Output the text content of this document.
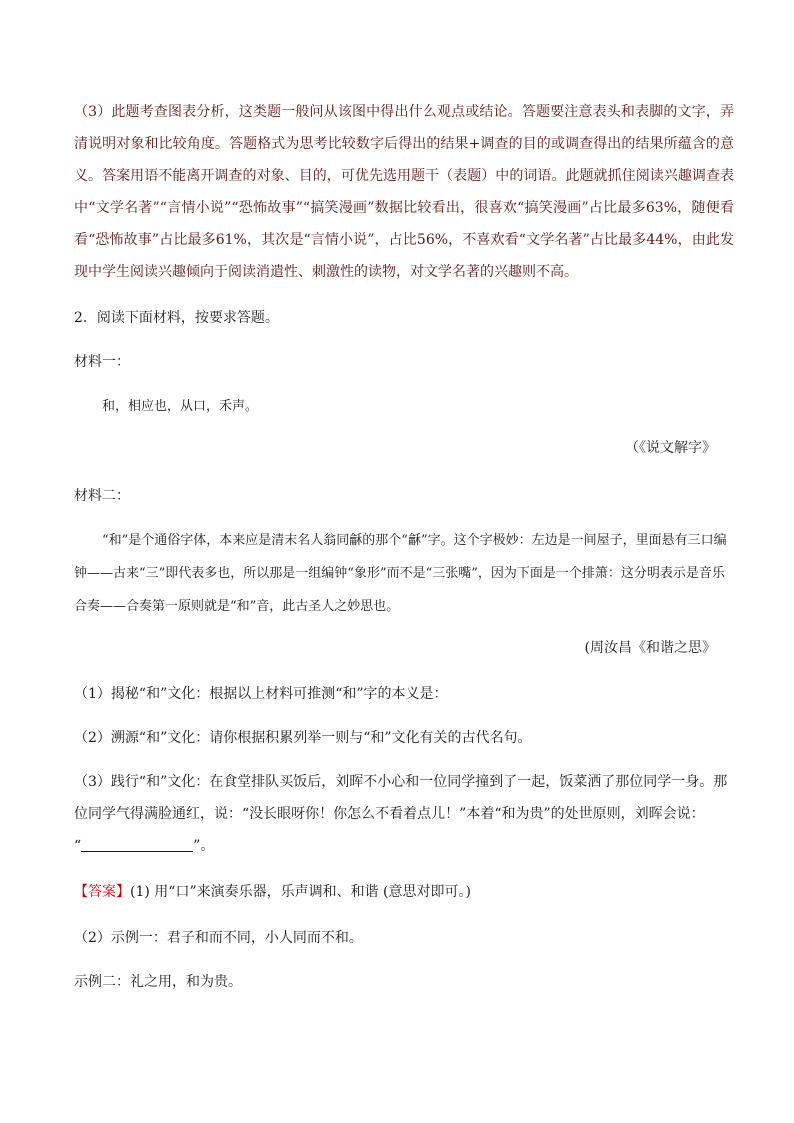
（3）此题考查图表分析，这类题一般问从该图中得出什么观点或结论。答题要注意表头和表脚的文字，弄清说明对象和比较角度。答题格式为思考比较数字后得出的结果+调查的目的或调查得出的结果所蕴含的意义。答案用语不能离开调查的对象、目的，可优先选用题干（表题）中的词语。此题就抓住阅读兴趣调查表中“文学名著”“言情小说”“恐怖故事”“搞笑漫画”数据比较看出，很喜欢“搞笑漫画”占比最多63%，随便看看“恐怖故事”占比最多61%，其次是“言情小说”，占比56%，不喜欢看“文学名著”占比最多44%，由此发现中学生阅读兴趣倾向于阅读消遣性、刺激性的读物，对文学名著的兴趣则不高。

2．阅读下面材料，按要求答题。

材料一：

和，相应也，从口，禾声。
（《说文解字》

材料二：

“和”是个通俗字体，本来应是清末名人翁同龢的那个“龢”字。这个字极妙：左边是一间屋子，里面悬有三口编钟——古来“三”即代表多也，所以那是一组编钟“象形”而不是“三张嘴”，因为下面是一个排箫：这分明表示是音乐合奏——合奏第一原则就是“和”音，此古圣人之妙思也。
(周汝昌《和谐之思》

（1）揭秘“和”文化：根据以上材料可推测“和”字的本义是：

（2）溯源“和”文化：请你根据积累列举一则与“和”文化有关的古代名句。

（3）践行“和”文化：在食堂排队买饭后，刘晖不小心和一位同学撞到了一起，饭菜洒了那位同学一身。那位同学气得满脸通红，说：“没长眼呀你！你怎么不看着点儿！”本着“和为贵”的处世原则，刘晖会说：
“	”。

【答案】(1) 用“口”来演奏乐器，乐声调和、和谐 (意思对即可。)

（2）示例一：君子和而不同，小人同而不和。

示例二：礼之用，和为贵。
